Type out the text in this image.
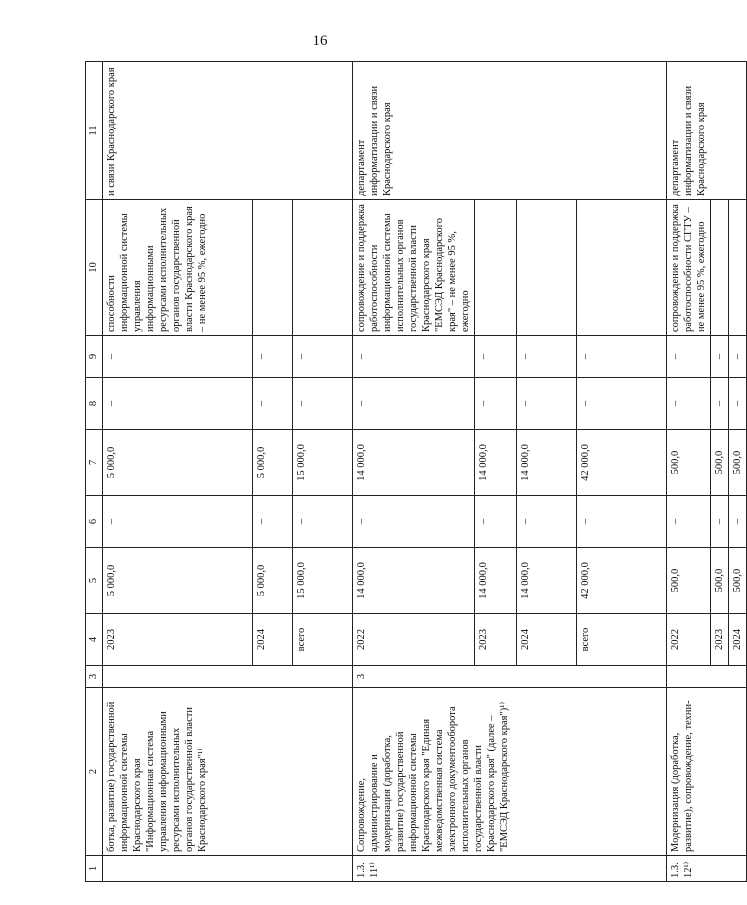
16
1	2	3	4	5	6	7	8	9	10	11
	ботка, развитие) государственной информационной системы Краснодарского края "Информационная система управления информационными ресурсами исполнительных органов государственной власти Краснодарского края"¹⁾		2023	5 000,0	–	5 000,0	–	–	способности информационной системы управления информационными ресурсами исполнительных органов государственной власти Краснодарского края – не менее 95 %, ежегодно	и связи Краснодарского края
			2024	5 000,0	–	5 000,0	–	–		
			всего	15 000,0	–	15 000,0	–	–		
1.3.11¹⁾	Сопровождение, администрирование и модернизация (доработка, развитие) государственной информационной системы Краснодарского края "Единая межведомственная система электронного документооборота исполнительных органов государственной власти Краснодарского края" (далее – "ЕМСЭД Краснодарского края")¹⁾	3	2022	14 000,0	–	14 000,0	–	–	сопровождение и поддержка работоспособности информационной системы исполнительных органов государственной власти Краснодарского края "ЕМСЭД Краснодарского края" – не менее 95 %, ежегодно	департамент информатизации и связи Краснодарского края
			2023	14 000,0	–	14 000,0	–	–		
			2024	14 000,0	–	14 000,0	–	–		
			всего	42 000,0	–	42 000,0	–	–		
1.3.12¹⁾	Модернизация (доработка, развитие), сопровождение, техни-		2022	500,0	–	500,0	–	–	сопровождение и поддержка работоспособности СГТУ – не менее 95 %, ежегодно	департамент информатизации и связи Краснодарского края
			2023	500,0	–	500,0	–	–		
			2024	500,0	–	500,0	–	–		
